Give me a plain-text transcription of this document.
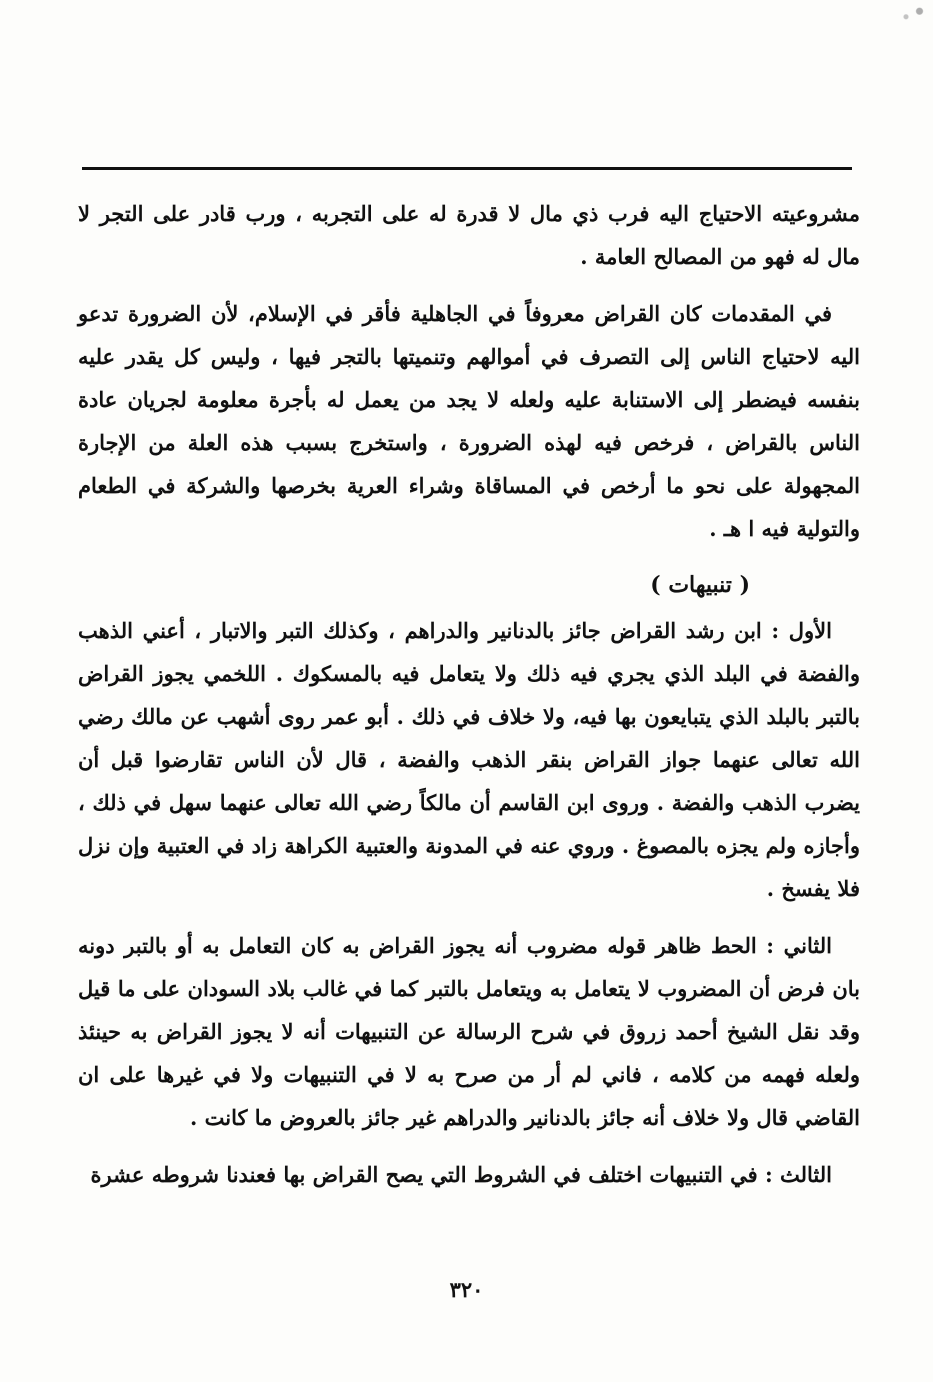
مشروعيته الاحتياج اليه فرب ذي مال لا قدرة له على التجربه ، ورب قادر على التجر لا مال له فهو من المصالح العامة .

في المقدمات كان القراض معروفاً في الجاهلية فأقر في الإسلام، لأن الضرورة تدعو اليه لاحتياج الناس إلى التصرف في أموالهم وتنميتها بالتجر فيها ، وليس كل يقدر عليه بنفسه فيضطر إلى الاستنابة عليه ولعله لا يجد من يعمل له بأجرة معلومة لجريان عادة الناس بالقراض ، فرخص فيه لهذه الضرورة ، واستخرج بسبب هذه العلة من الإجارة المجهولة على نحو ما أرخص في المساقاة وشراء العرية بخرصها والشركة في الطعام والتولية فيه ا هـ .

( تنبيهات )

الأول : ابن رشد القراض جائز بالدنانير والدراهم ، وكذلك التبر والاتبار ، أعني الذهب والفضة في البلد الذي يجري فيه ذلك ولا يتعامل فيه بالمسكوك . اللخمي يجوز القراض بالتبر بالبلد الذي يتبايعون بها فيه، ولا خلاف في ذلك . أبو عمر روى أشهب عن مالك رضي الله تعالى عنهما جواز القراض بنقر الذهب والفضة ، قال لأن الناس تقارضوا قبل أن يضرب الذهب والفضة . وروى ابن القاسم أن مالكاً رضي الله تعالى عنهما سهل في ذلك ، وأجازه ولم يجزه بالمصوغ . وروي عنه في المدونة والعتبية الكراهة زاد في العتبية وإن نزل فلا يفسخ .

الثاني : الحط ظاهر قوله مضروب أنه يجوز القراض به كان التعامل به أو بالتبر دونه بان فرض أن المضروب لا يتعامل به ويتعامل بالتبر كما في غالب بلاد السودان على ما قيل وقد نقل الشيخ أحمد زروق في شرح الرسالة عن التنبيهات أنه لا يجوز القراض به حينئذ ولعله فهمه من كلامه ، فاني لم أر من صرح به لا في التنبيهات ولا في غيرها على ان القاضي قال ولا خلاف أنه جائز بالدنانير والدراهم غير جائز بالعروض ما كانت .

الثالث : في التنبيهات اختلف في الشروط التي يصح القراض بها فعندنا شروطه عشرة

٣٢٠
